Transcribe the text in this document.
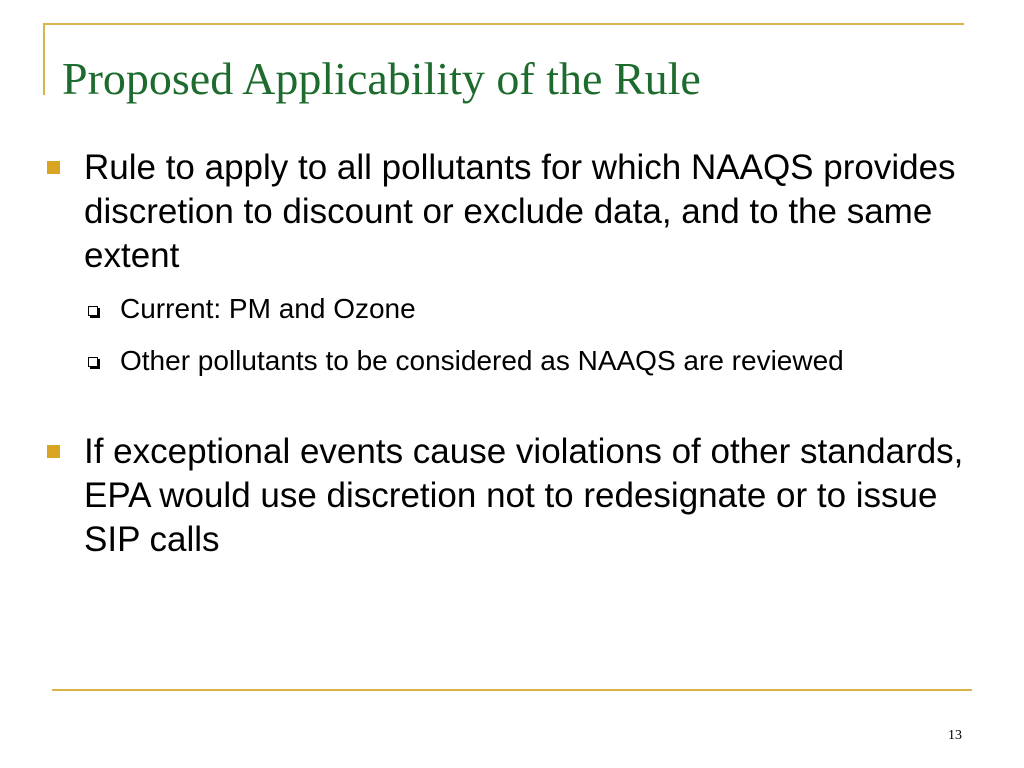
Proposed Applicability of the Rule
Rule to apply to all pollutants for which NAAQS provides discretion to discount or exclude data, and to the same extent
Current: PM and Ozone
Other pollutants to be considered as NAAQS are reviewed
If exceptional events cause violations of other standards, EPA would use discretion not to redesignate or to issue SIP calls
13
